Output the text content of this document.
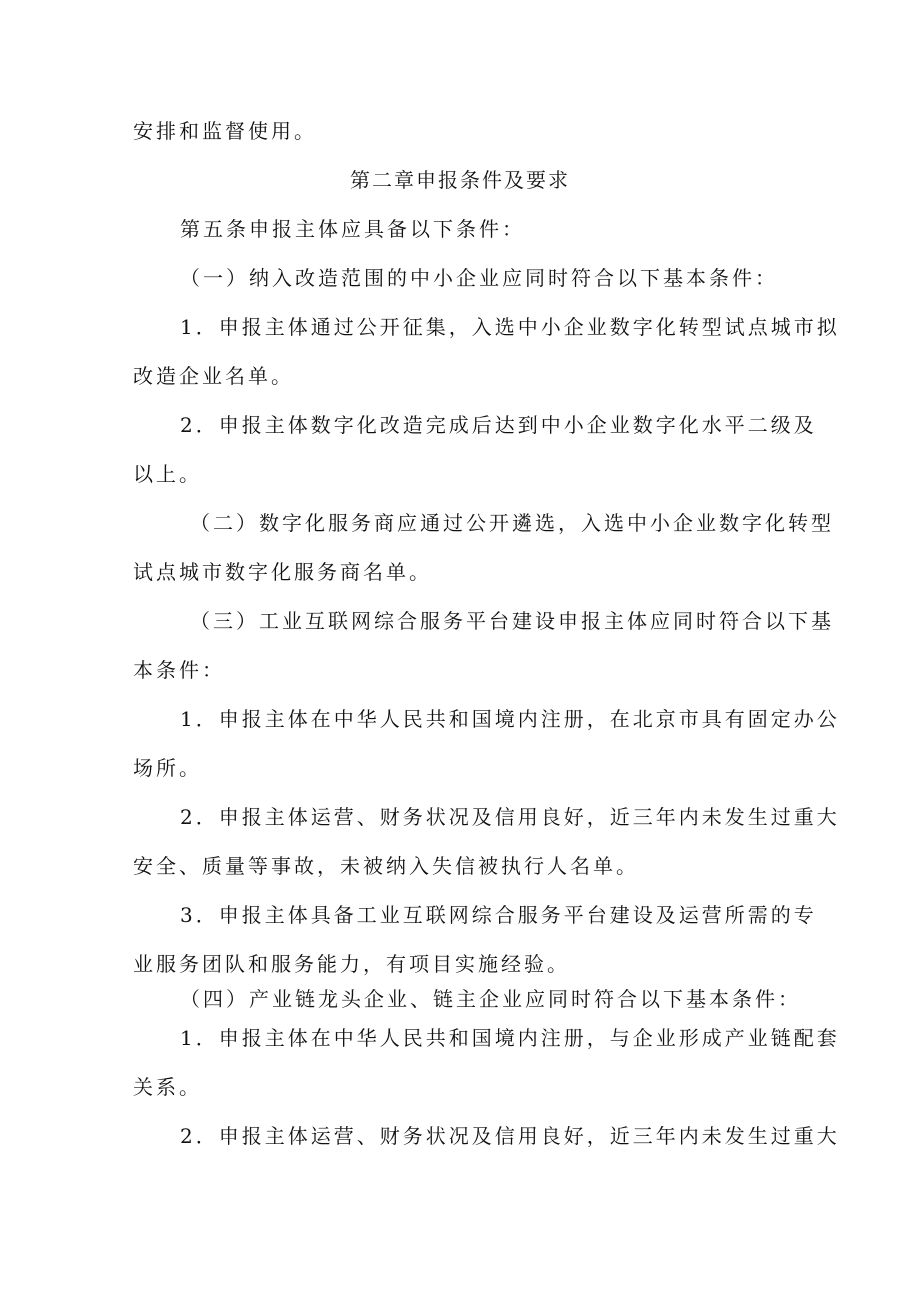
安排和监督使用。
第二章申报条件及要求
第五条申报主体应具备以下条件：
（一）纳入改造范围的中小企业应同时符合以下基本条件：
1．申报主体通过公开征集，入选中小企业数字化转型试点城市拟
改造企业名单。
2．申报主体数字化改造完成后达到中小企业数字化水平二级及
以上。
（二）数字化服务商应通过公开遴选，入选中小企业数字化转型
试点城市数字化服务商名单。
（三）工业互联网综合服务平台建设申报主体应同时符合以下基
本条件：
1．申报主体在中华人民共和国境内注册，在北京市具有固定办公
场所。
2．申报主体运营、财务状况及信用良好，近三年内未发生过重大
安全、质量等事故，未被纳入失信被执行人名单。
3．申报主体具备工业互联网综合服务平台建设及运营所需的专
业服务团队和服务能力，有项目实施经验。
（四）产业链龙头企业、链主企业应同时符合以下基本条件：
1．申报主体在中华人民共和国境内注册，与企业形成产业链配套
关系。
2．申报主体运营、财务状况及信用良好，近三年内未发生过重大
